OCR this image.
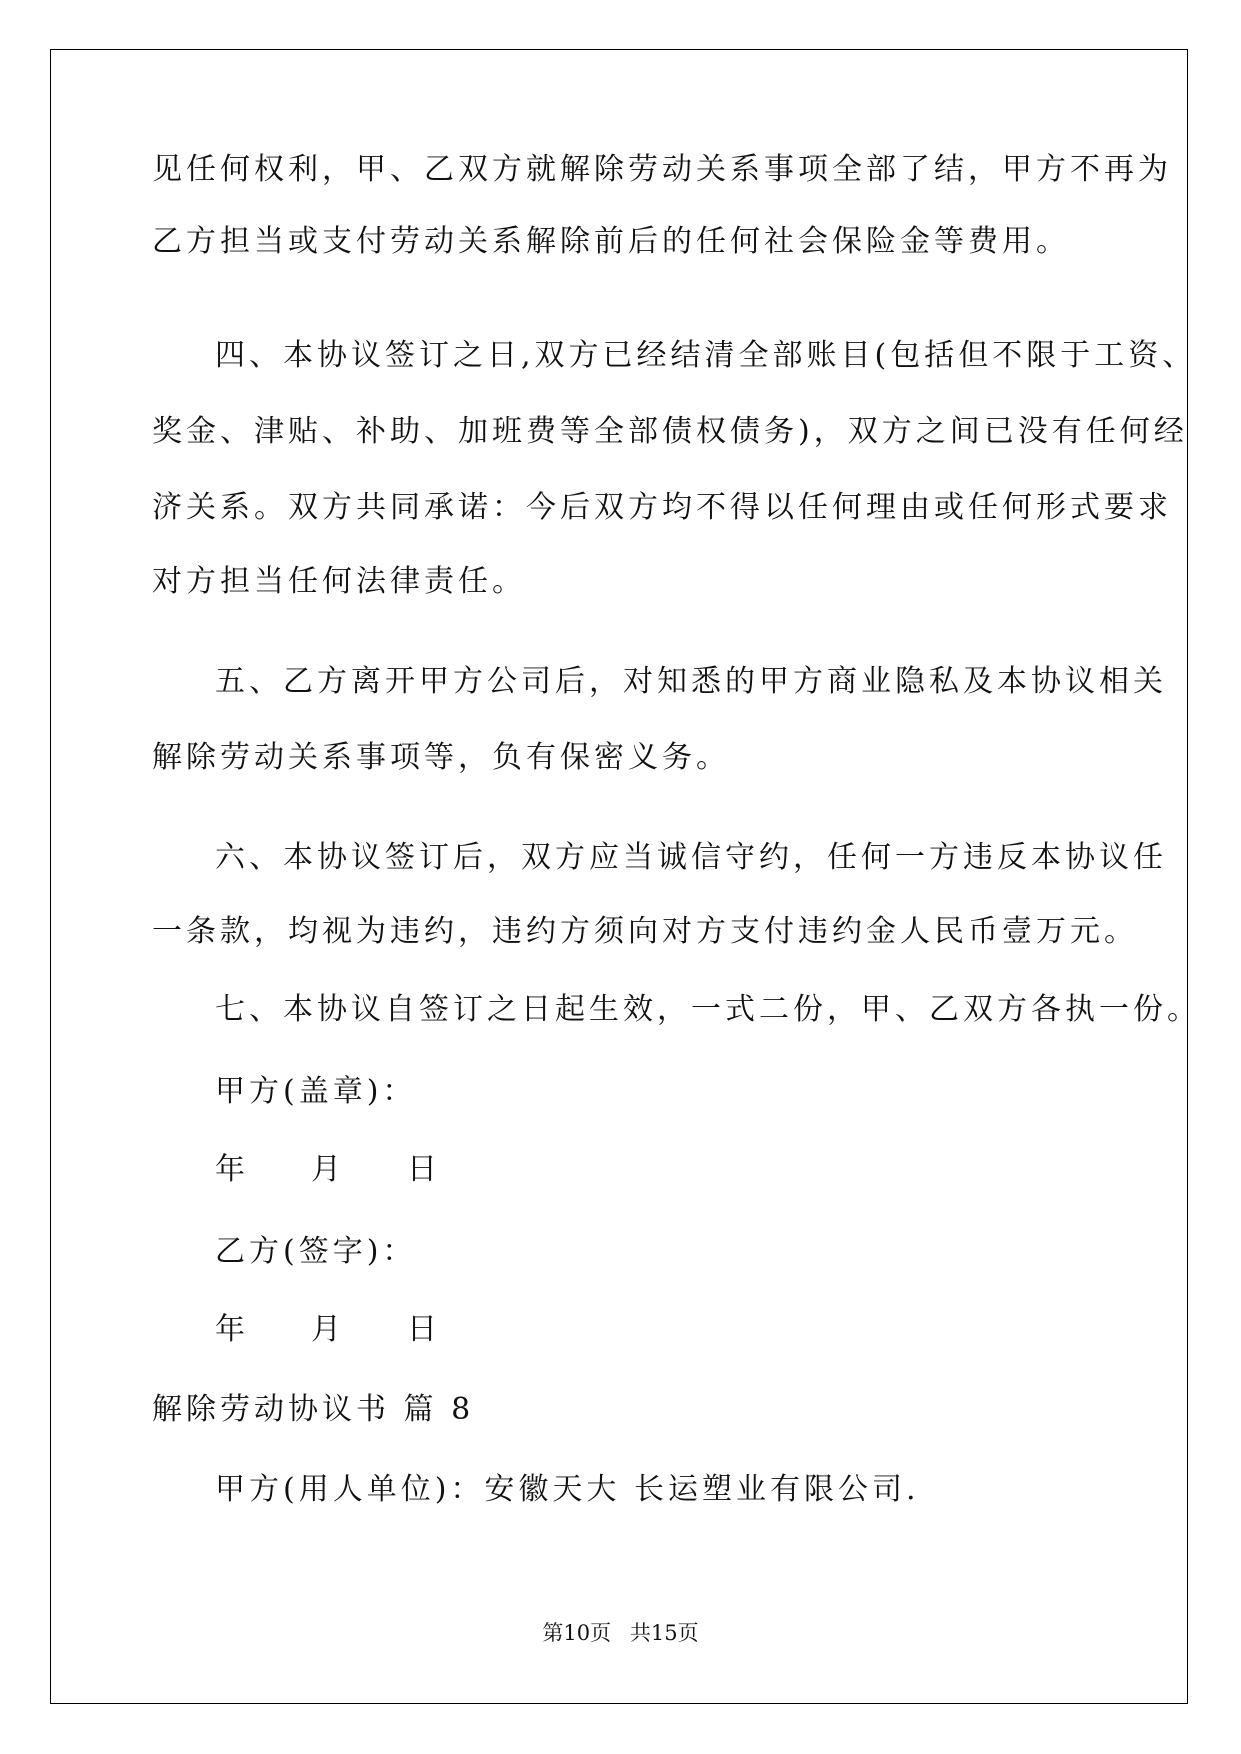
见任何权利，甲、乙双方就解除劳动关系事项全部了结，甲方不再为

乙方担当或支付劳动关系解除前后的任何社会保险金等费用。

四、本协议签订之日,双方已经结清全部账目(包括但不限于工资、

奖金、津贴、补助、加班费等全部债权债务)，双方之间已没有任何经

济关系。双方共同承诺：今后双方均不得以任何理由或任何形式要求

对方担当任何法律责任。

五、乙方离开甲方公司后，对知悉的甲方商业隐私及本协议相关

解除劳动关系事项等，负有保密义务。

六、本协议签订后，双方应当诚信守约，任何一方违反本协议任

一条款，均视为违约，违约方须向对方支付违约金人民币壹万元。

七、本协议自签订之日起生效，一式二份，甲、乙双方各执一份。

甲方(盖章)：

年 月 日

乙方(签字)：

年 月 日

解除劳动协议书 篇 8

甲方(用人单位)：安徽天大 长运塑业有限公司.

第10页 共15页
